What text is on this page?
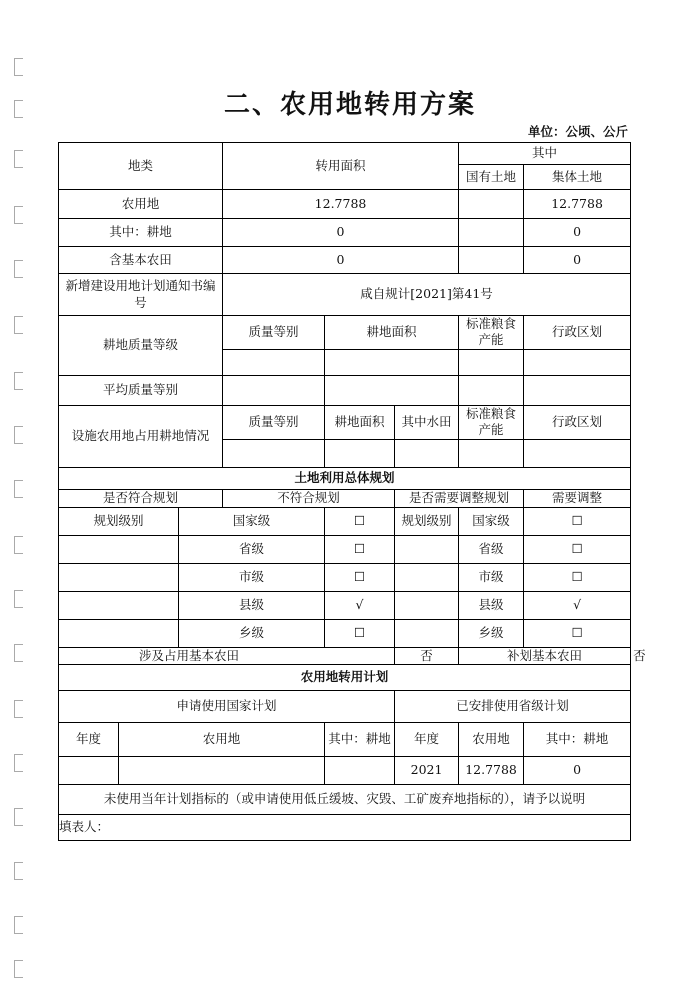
二、农用地转用方案
单位：公顷、公斤
地类			转用面积			其中		
						国有土地	集体土地	
农用地			12.7788				12.7788	
其中：耕地			0				0	
含基本农田			0				0	
新增建设用地计划通知书编号			咸自规计[2021]第41号					
耕地质量等级			质量等别	耕地面积		标准粮食产能	行政区划	

平均质量等别								
设施农用地占用耕地情况			质量等别	耕地面积	其中水田	标准粮食产能	行政区划	

土地利用总体规划								
是否符合规划			不符合规划		是否需要调整规划		需要调整	
规划级别		国家级		☐	规划级别	国家级	☐	
		省级		☐		省级	☐	
		市级		☐		市级	☐	
		县级		√		县级	√	
		乡级		☐		乡级	☐	
涉及占用基本农田					否	补划基本农田		否
农用地转用计划								
申请使用国家计划					已安排使用省级计划			
年度	农用地			其中：耕地	年度	农用地	其中：耕地	
					2021	12.7788	0	
未使用当年计划指标的（或申请使用低丘缓坡、灾毁、工矿废弃地指标的），请予以说明								
填表人：								
